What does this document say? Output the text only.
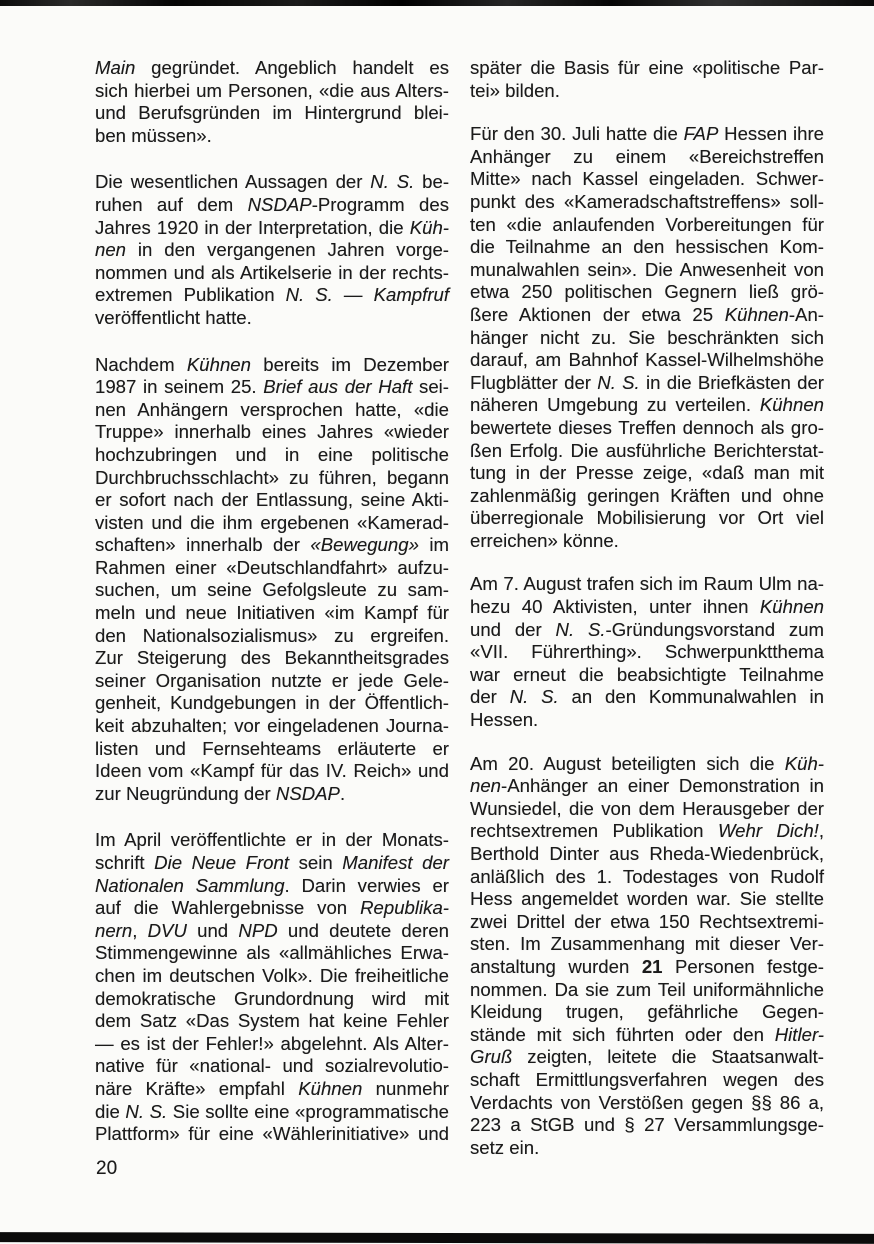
Main gegründet. Angeblich handelt es
sich hierbei um Personen, «die aus Alters-
und Berufsgründen im Hintergrund blei-
ben müssen».
Die wesentlichen Aussagen der N. S. be-
ruhen auf dem NSDAP-Programm des
Jahres 1920 in der Interpretation, die Küh-
nen in den vergangenen Jahren vorge-
nommen und als Artikelserie in der rechts-
extremen Publikation N. S. — Kampfruf
veröffentlicht hatte.
Nachdem Kühnen bereits im Dezember
1987 in seinem 25. Brief aus der Haft sei-
nen Anhängern versprochen hatte, «die
Truppe» innerhalb eines Jahres «wieder
hochzubringen und in eine politische
Durchbruchsschlacht» zu führen, begann
er sofort nach der Entlassung, seine Akti-
visten und die ihm ergebenen «Kamerad-
schaften» innerhalb der «Bewegung» im
Rahmen einer «Deutschlandfahrt» aufzu-
suchen, um seine Gefolgsleute zu sam-
meln und neue Initiativen «im Kampf für
den Nationalsozialismus» zu ergreifen.
Zur Steigerung des Bekanntheitsgrades
seiner Organisation nutzte er jede Gele-
genheit, Kundgebungen in der Öffentlich-
keit abzuhalten; vor eingeladenen Journa-
listen und Fernsehteams erläuterte er
Ideen vom «Kampf für das IV. Reich» und
zur Neugründung der NSDAP.
Im April veröffentlichte er in der Monats-
schrift Die Neue Front sein Manifest der
Nationalen Sammlung. Darin verwies er
auf die Wahlergebnisse von Republika-
nern, DVU und NPD und deutete deren
Stimmengewinne als «allmähliches Erwa-
chen im deutschen Volk». Die freiheitliche
demokratische Grundordnung wird mit
dem Satz «Das System hat keine Fehler
— es ist der Fehler!» abgelehnt. Als Alter-
native für «national- und sozialrevolutio-
näre Kräfte» empfahl Kühnen nunmehr
die N. S. Sie sollte eine «programmatische
Plattform» für eine «Wählerinitiative» und
später die Basis für eine «politische Par-
tei» bilden.
Für den 30. Juli hatte die FAP Hessen ihre
Anhänger zu einem «Bereichstreffen
Mitte» nach Kassel eingeladen. Schwer-
punkt des «Kameradschaftstreffens» soll-
ten «die anlaufenden Vorbereitungen für
die Teilnahme an den hessischen Kom-
munalwahlen sein». Die Anwesenheit von
etwa 250 politischen Gegnern ließ grö-
ßere Aktionen der etwa 25 Kühnen-An-
hänger nicht zu. Sie beschränkten sich
darauf, am Bahnhof Kassel-Wilhelmshöhe
Flugblätter der N. S. in die Briefkästen der
näheren Umgebung zu verteilen. Kühnen
bewertete dieses Treffen dennoch als gro-
ßen Erfolg. Die ausführliche Berichterstat-
tung in der Presse zeige, «daß man mit
zahlenmäßig geringen Kräften und ohne
überregionale Mobilisierung vor Ort viel
erreichen» könne.
Am 7. August trafen sich im Raum Ulm na-
hezu 40 Aktivisten, unter ihnen Kühnen
und der N. S.-Gründungsvorstand zum
«VII. Führerthing». Schwerpunktthema
war erneut die beabsichtigte Teilnahme
der N. S. an den Kommunalwahlen in
Hessen.
Am 20. August beteiligten sich die Küh-
nen-Anhänger an einer Demonstration in
Wunsiedel, die von dem Herausgeber der
rechtsextremen Publikation Wehr Dich!,
Berthold Dinter aus Rheda-Wiedenbrück,
anläßlich des 1. Todestages von Rudolf
Hess angemeldet worden war. Sie stellte
zwei Drittel der etwa 150 Rechtsextremi-
sten. Im Zusammenhang mit dieser Ver-
anstaltung wurden 21 Personen festge-
nommen. Da sie zum Teil uniformähnliche
Kleidung trugen, gefährliche Gegen-
stände mit sich führten oder den Hitler-
Gruß zeigten, leitete die Staatsanwalt-
schaft Ermittlungsverfahren wegen des
Verdachts von Verstößen gegen §§ 86 a,
223 a StGB und § 27 Versammlungsge-
setz ein.
20
